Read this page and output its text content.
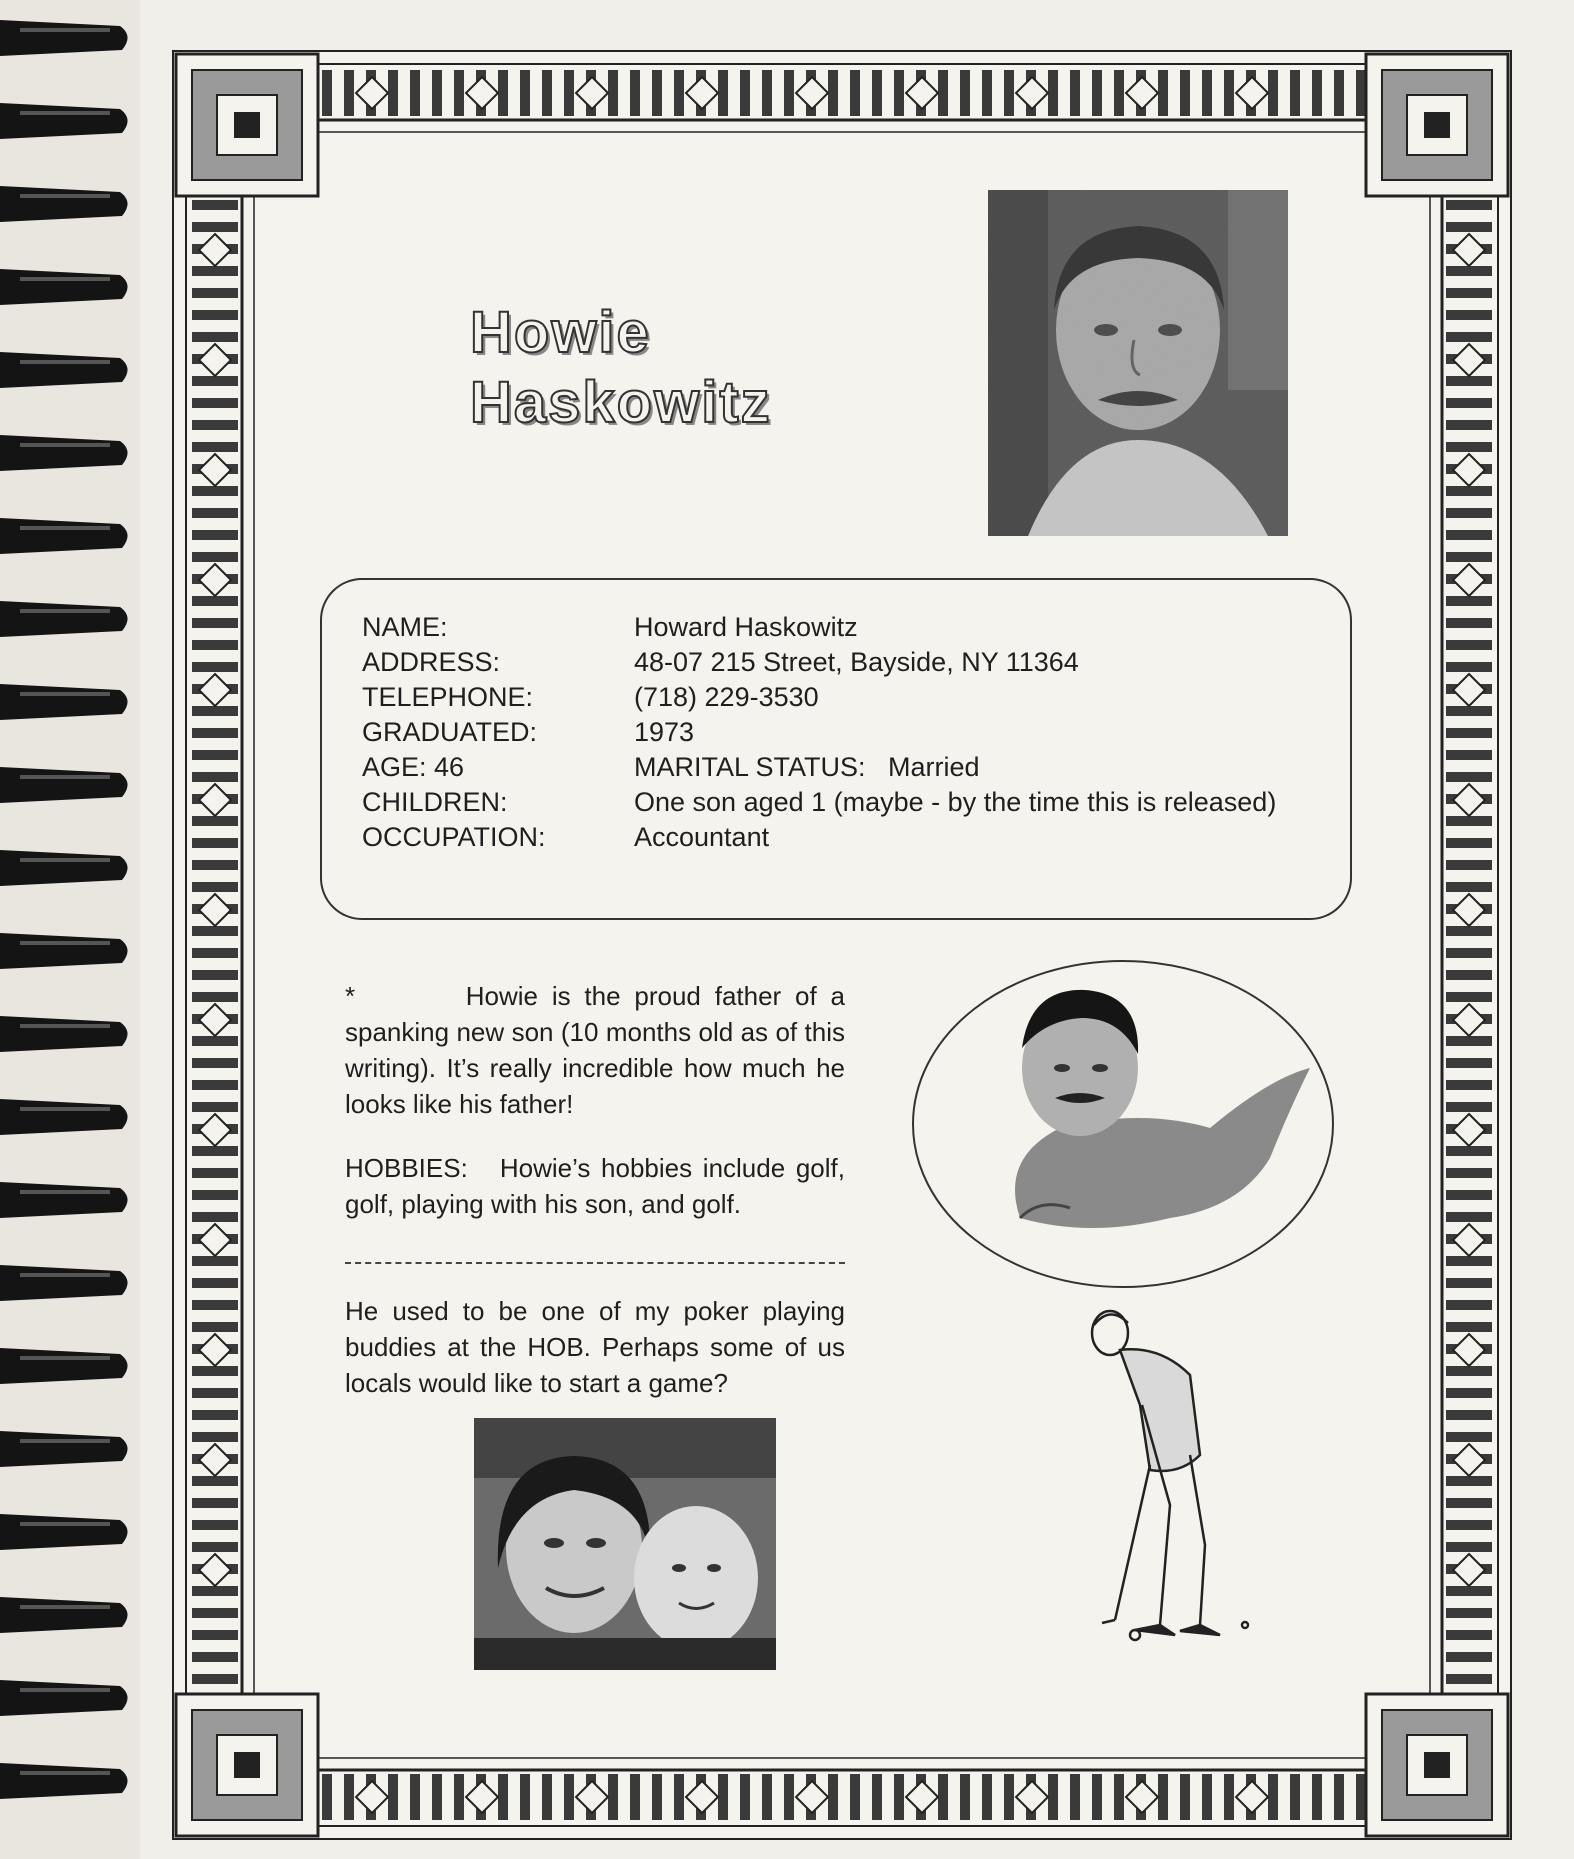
Howie
Haskowitz
NAME:	Howard Haskowitz
ADDRESS:	48-07 215 Street, Bayside, NY 11364
TELEPHONE:	(718) 229-3530
GRADUATED:	1973
AGE: 46	MARITAL STATUS: Married
CHILDREN:	One son aged 1 (maybe - by the time this is released)
OCCUPATION:	Accountant
*	Howie is the proud father of a spanking new son (10 months old as of this writing). It’s really incredible how much he looks like his father!
HOBBIES: Howie’s hobbies include golf, golf, playing with his son, and golf.
He used to be one of my poker playing buddies at the HOB. Perhaps some of us locals would like to start a game?
